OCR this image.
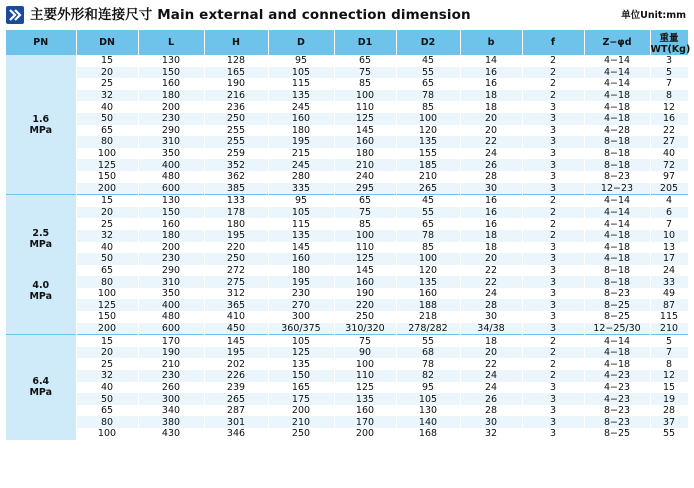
主要外形和连接尺寸 Main external and connection dimension	单位Unit:mm
PN	DN	L	H	D	D1	D2	b	f	Z−φd	重量WT(Kg)

1.6
MPa	15	130	128	95	65	45	14	2	4−14	3
	20	150	165	105	75	55	16	2	4−14	5
	25	160	190	115	85	65	16	2	4−14	7
	32	180	216	135	100	78	18	2	4−18	8
	40	200	236	245	110	85	18	3	4−18	12
	50	230	250	160	125	100	20	3	4−18	16
	65	290	255	180	145	120	20	3	4−28	22
	80	310	255	195	160	135	22	3	8−18	27
	100	350	259	215	180	155	24	3	8−18	40
	125	400	352	245	210	185	26	3	8−18	72
	150	480	362	280	240	210	28	3	8−23	97
	200	600	385	335	295	265	30	3	12−23	205

2.5
MPa
4.0
MPa	15	130	133	95	65	45	16	2	4−14	4
	20	150	178	105	75	55	16	2	4−14	6
	25	160	180	115	85	65	16	2	4−14	7
	32	180	195	135	100	78	18	2	4−18	10
	40	200	220	145	110	85	18	3	4−18	13
	50	230	250	160	125	100	20	3	4−18	17
	65	290	272	180	145	120	22	3	8−18	24
	80	310	275	195	160	135	22	3	8−18	33
	100	350	312	230	190	160	24	3	8−23	49
	125	400	365	270	220	188	28	3	8−25	87
	150	480	410	300	250	218	30	3	8−25	115
	200	600	450	360/375	310/320	278/282	34/38	3	12−25/30	210

6.4
MPa	15	170	145	105	75	55	18	2	4−14	5
	20	190	195	125	90	68	20	2	4−18	7
	25	210	202	135	100	78	22	2	4−18	8
	32	230	226	150	110	82	24	2	4−23	12
	40	260	239	165	125	95	24	3	4−23	15
	50	300	265	175	135	105	26	3	4−23	19
	65	340	287	200	160	130	28	3	8−23	28
	80	380	301	210	170	140	30	3	8−23	37
	100	430	346	250	200	168	32	3	8−25	55
